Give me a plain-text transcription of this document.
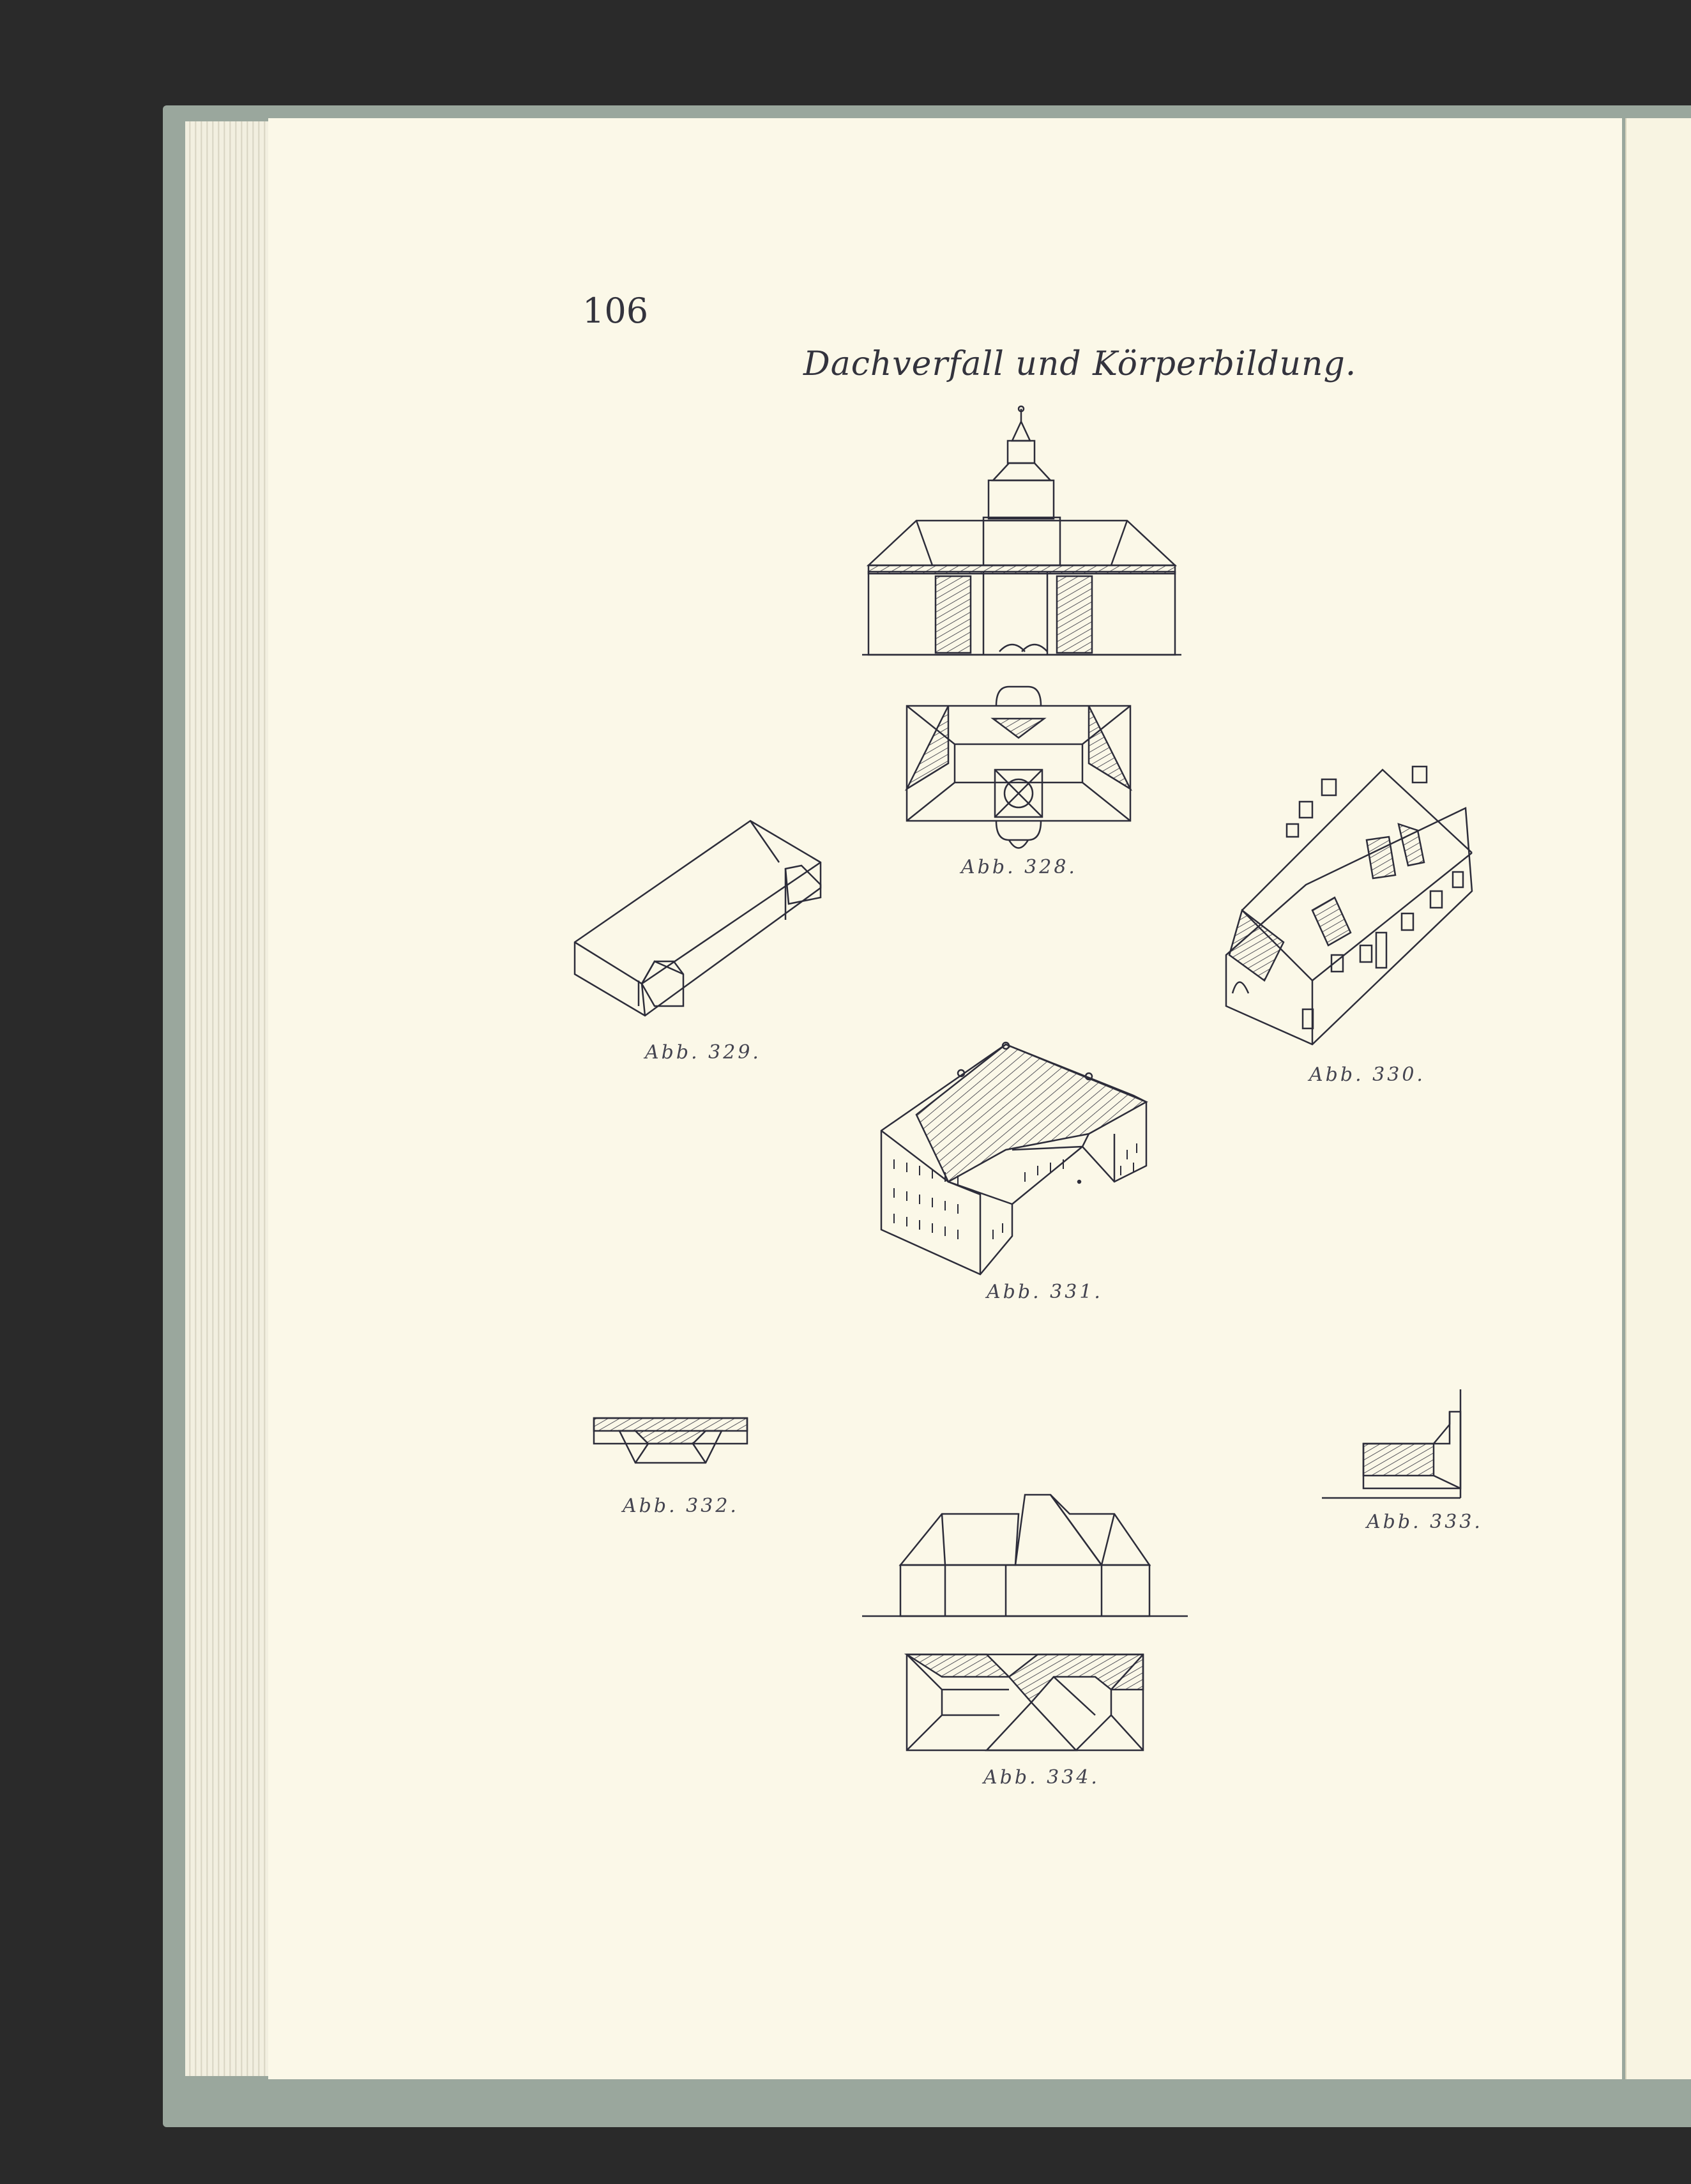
106
Dachverfall und Körperbildung.
Abb. 328.
Abb. 329.
Abb. 330.
Abb. 331.
Abb. 332.
Abb. 333.
Abb. 334.
